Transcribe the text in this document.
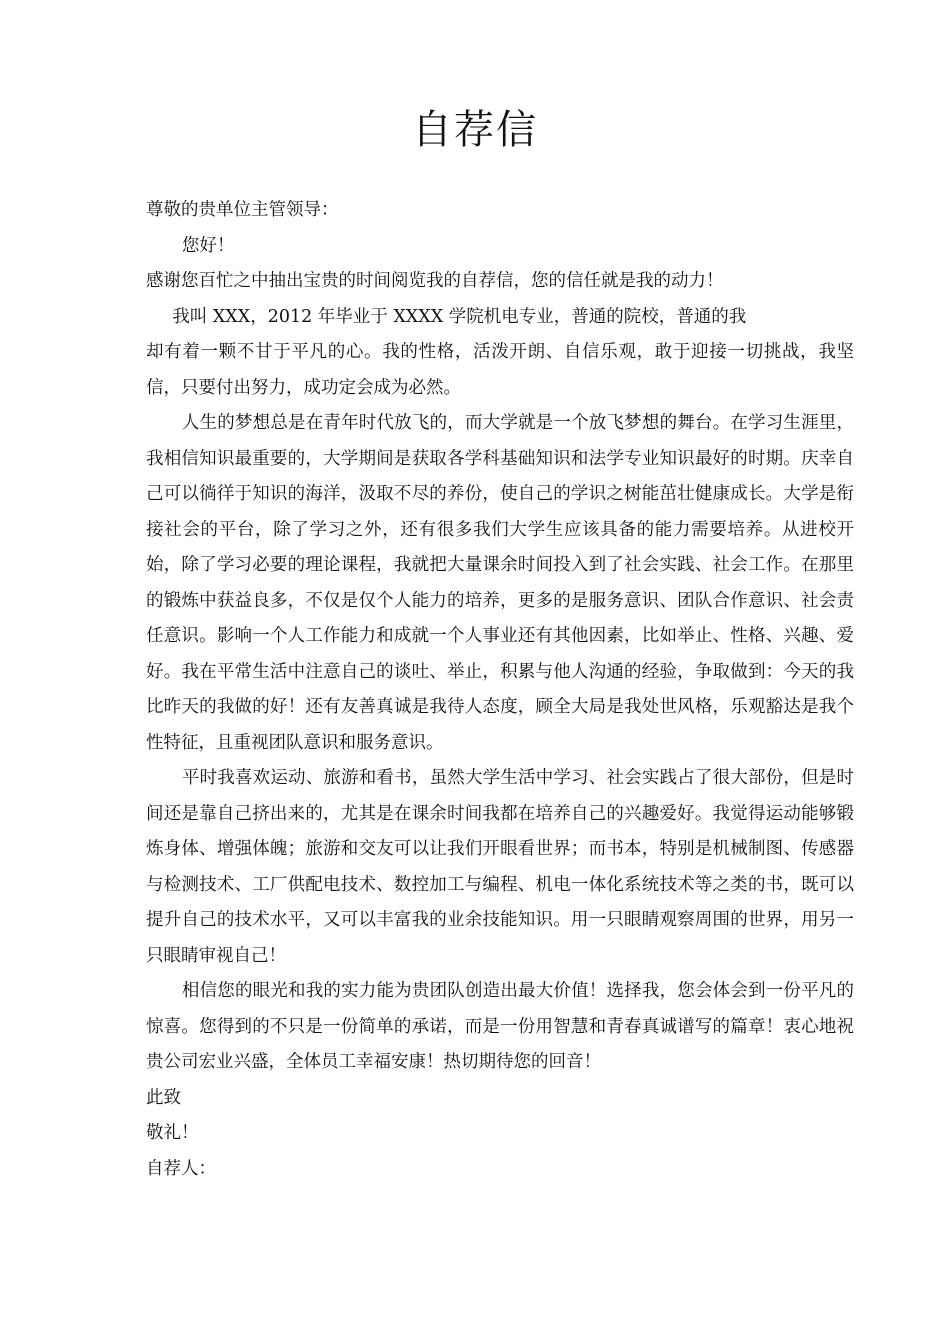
自荐信

尊敬的贵单位主管领导：

您好！

感谢您百忙之中抽出宝贵的时间阅览我的自荐信，您的信任就是我的动力！

我叫 XXX，2012 年毕业于 XXXX 学院机电专业，普通的院校，普通的我

却有着一颗不甘于平凡的心。我的性格，活泼开朗、自信乐观，敢于迎接一切挑战，我坚信，只要付出努力，成功定会成为必然。

人生的梦想总是在青年时代放飞的，而大学就是一个放飞梦想的舞台。在学习生涯里，我相信知识最重要的，大学期间是获取各学科基础知识和法学专业知识最好的时期。庆幸自己可以徜徉于知识的海洋，汲取不尽的养份，使自己的学识之树能茁壮健康成长。大学是衔接社会的平台，除了学习之外，还有很多我们大学生应该具备的能力需要培养。从进校开始，除了学习必要的理论课程，我就把大量课余时间投入到了社会实践、社会工作。在那里的锻炼中获益良多，不仅是仅个人能力的培养，更多的是服务意识、团队合作意识、社会责任意识。影响一个人工作能力和成就一个人事业还有其他因素，比如举止、性格、兴趣、爱好。我在平常生活中注意自己的谈吐、举止，积累与他人沟通的经验，争取做到：今天的我比昨天的我做的好！还有友善真诚是我待人态度，顾全大局是我处世风格，乐观豁达是我个性特征，且重视团队意识和服务意识。

平时我喜欢运动、旅游和看书，虽然大学生活中学习、社会实践占了很大部份，但是时间还是靠自己挤出来的，尤其是在课余时间我都在培养自己的兴趣爱好。我觉得运动能够锻炼身体、增强体魄；旅游和交友可以让我们开眼看世界；而书本，特别是机械制图、传感器与检测技术、工厂供配电技术、数控加工与编程、机电一体化系统技术等之类的书，既可以提升自己的技术水平，又可以丰富我的业余技能知识。用一只眼睛观察周围的世界，用另一只眼睛审视自己！

相信您的眼光和我的实力能为贵团队创造出最大价值！选择我，您会体会到一份平凡的惊喜。您得到的不只是一份简单的承诺，而是一份用智慧和青春真诚谱写的篇章！衷心地祝贵公司宏业兴盛，全体员工幸福安康！热切期待您的回音！

此致

敬礼！

自荐人：
